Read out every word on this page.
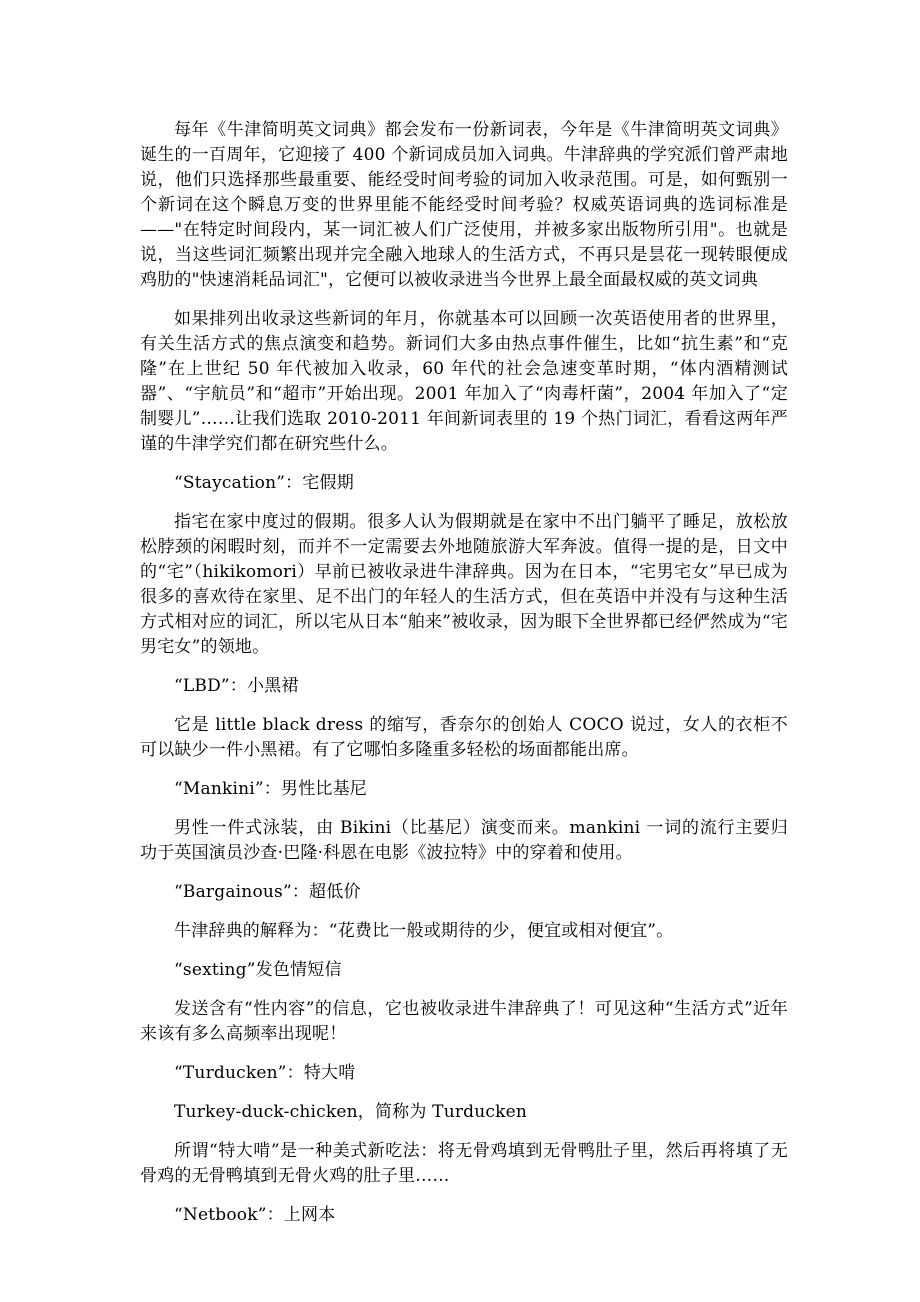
每年《牛津简明英文词典》都会发布一份新词表，今年是《牛津简明英文词典》诞生的一百周年，它迎接了 400 个新词成员加入词典。牛津辞典的学究派们曾严肃地说，他们只选择那些最重要、能经受时间考验的词加入收录范围。可是，如何甄别一个新词在这个瞬息万变的世界里能不能经受时间考验？权威英语词典的选词标准是——"在特定时间段内，某一词汇被人们广泛使用，并被多家出版物所引用"。也就是说，当这些词汇频繁出现并完全融入地球人的生活方式，不再只是昙花一现转眼便成鸡肋的"快速消耗品词汇"，它便可以被收录进当今世界上最全面最权威的英文词典

如果排列出收录这些新词的年月，你就基本可以回顾一次英语使用者的世界里，有关生活方式的焦点演变和趋势。新词们大多由热点事件催生，比如“抗生素”和“克隆”在上世纪 50 年代被加入收录，60 年代的社会急速变革时期，“体内酒精测试器”、“宇航员”和“超市”开始出现。2001 年加入了“肉毒杆菌”，2004 年加入了“定制婴儿”……让我们选取 2010-2011 年间新词表里的 19 个热门词汇，看看这两年严谨的牛津学究们都在研究些什么。

“Staycation”：宅假期

指宅在家中度过的假期。很多人认为假期就是在家中不出门躺平了睡足，放松放松脖颈的闲暇时刻，而并不一定需要去外地随旅游大军奔波。值得一提的是，日文中的“宅”（hikikomori）早前已被收录进牛津辞典。因为在日本，“宅男宅女”早已成为很多的喜欢待在家里、足不出门的年轻人的生活方式，但在英语中并没有与这种生活方式相对应的词汇，所以宅从日本“舶来”被收录，因为眼下全世界都已经俨然成为“宅男宅女”的领地。

“LBD”：小黑裙

它是 little black dress 的缩写，香奈尔的创始人 COCO 说过，女人的衣柜不可以缺少一件小黑裙。有了它哪怕多隆重多轻松的场面都能出席。

“Mankini”：男性比基尼

男性一件式泳装，由 Bikini（比基尼）演变而来。mankini 一词的流行主要归功于英国演员沙查·巴隆·科恩在电影《波拉特》中的穿着和使用。

“Bargainous”：超低价

牛津辞典的解释为：“花费比一般或期待的少，便宜或相对便宜”。

“sexting”发色情短信

发送含有“性内容”的信息，它也被收录进牛津辞典了！可见这种“生活方式”近年来该有多么高频率出现呢！

“Turducken”：特大啃

Turkey-duck-chicken，简称为 Turducken

所谓“特大啃”是一种美式新吃法：将无骨鸡填到无骨鸭肚子里，然后再将填了无骨鸡的无骨鸭填到无骨火鸡的肚子里……

“Netbook”：上网本
